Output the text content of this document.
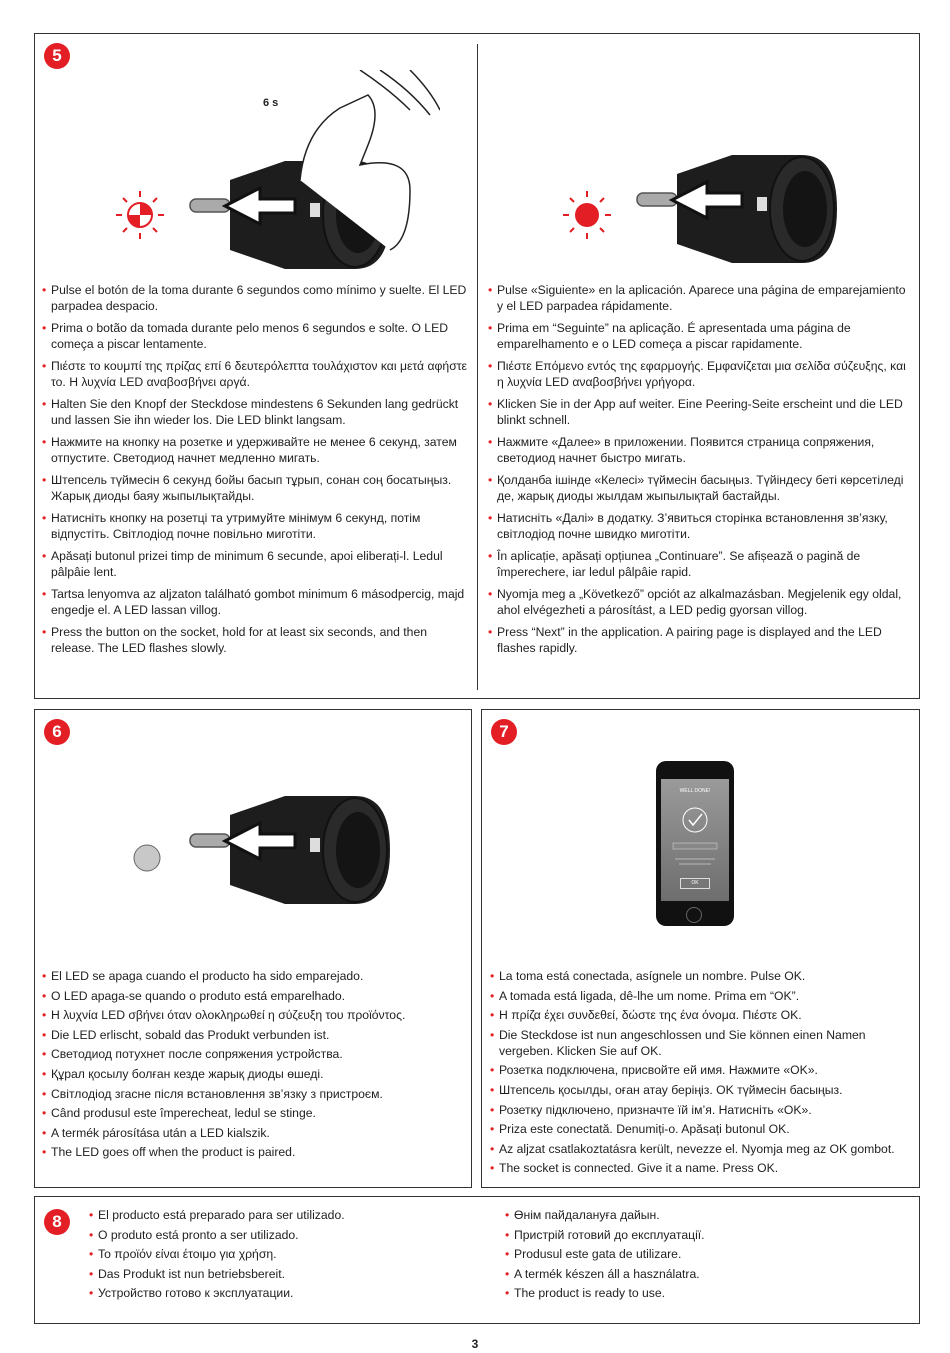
5
6 s
• Pulse el botón de la toma durante 6 segundos como mínimo y suelte. El LED parpadea despacio.
• Prima o botão da tomada durante pelo menos 6 segundos e solte. O LED começa a piscar lentamente.
• Πιέστε το κουμπί της πρίζας επί 6 δευτερόλεπτα τουλάχιστον και μετά αφήστε το. Η λυχνία LED αναβοσβήνει αργά.
• Halten Sie den Knopf der Steckdose mindestens 6 Sekunden lang gedrückt und lassen Sie ihn wieder los. Die LED blinkt langsam.
• Нажмите на кнопку на розетке и удерживайте не менее 6 секунд, затем отпустите. Светодиод начнет медленно мигать.
• Штепсель түймесін 6 секунд бойы басып тұрып, сонан соң босатыңыз. Жарық диоды баяу жыпылықтайды.
• Натисніть кнопку на розетці та утримуйте мінімум 6 секунд, потім відпустіть. Світлодіод почне повільно миготіти.
• Apăsați butonul prizei timp de minimum 6 secunde, apoi eliberați-l. Ledul pâlpâie lent.
• Tartsa lenyomva az aljzaton található gombot minimum 6 másodpercig, majd engedje el. A LED lassan villog.
• Press the button on the socket, hold for at least six seconds, and then release. The LED flashes slowly.
• Pulse «Siguiente» en la aplicación. Aparece una página de emparejamiento y el LED parpadea rápidamente.
• Prima em “Seguinte” na aplicação. É apresentada uma página de emparelhamento e o LED começa a piscar rapidamente.
• Πιέστε Επόμενο εντός της εφαρμογής. Εμφανίζεται μια σελίδα σύζευξης, και η λυχνία LED αναβοσβήνει γρήγορα.
• Klicken Sie in der App auf weiter. Eine Peering-Seite erscheint und die LED blinkt schnell.
• Нажмите «Далее» в приложении. Появится страница сопряжения, светодиод начнет быстро мигать.
• Қолданба ішінде «Келесі» түймесін басыңыз. Түйіндесу беті көрсетіледі де, жарық диоды жылдам жыпылықтай бастайды.
• Натисніть «Далі» в додатку. З’явиться сторінка встановлення зв’язку, світлодіод почне швидко миготіти.
• În aplicație, apăsați opțiunea „Continuare”. Se afișează o pagină de împerechere, iar ledul pâlpâie rapid.
• Nyomja meg a „Következő” opciót az alkalmazásban. Megjelenik egy oldal, ahol elvégezheti a párosítást, a LED pedig gyorsan villog.
• Press “Next” in the application. A pairing page is displayed and the LED flashes rapidly.
6
• El LED se apaga cuando el producto ha sido emparejado.
• O LED apaga-se quando o produto está emparelhado.
• Η λυχνία LED σβήνει όταν ολοκληρωθεί η σύζευξη του προϊόντος.
• Die LED erlischt, sobald das Produkt verbunden ist.
• Светодиод потухнет после сопряжения устройства.
• Құрал қосылу болған кезде жарық диоды өшеді.
• Світлодіод згасне після встановлення зв’язку з пристроєм.
• Când produsul este împerecheat, ledul se stinge.
• A termék párosítása után a LED kialszik.
• The LED goes off when the product is paired.
7
WELL DONE!
OK
• La toma está conectada, asígnele un nombre. Pulse OK.
• A tomada está ligada, dê-lhe um nome. Prima em “OK”.
• Η πρίζα έχει συνδεθεί, δώστε της ένα όνομα. Πιέστε OK.
• Die Steckdose ist nun angeschlossen und Sie können einen Namen vergeben. Klicken Sie auf OK.
• Розетка подключена, присвойте ей имя. Нажмите «OK».
• Штепсель қосылды, оған атау беріңіз. OK түймесін басыңыз.
• Розетку підключено, призначте їй ім’я. Натисніть «OK».
• Priza este conectată. Denumiți-o. Apăsați butonul OK.
• Az aljzat csatlakoztatásra került, nevezze el. Nyomja meg az OK gombot.
• The socket is connected. Give it a name. Press OK.
8
•	El producto está preparado para ser utilizado.
• O produto está pronto a ser utilizado.
• Το προϊόν είναι έτοιμο για χρήση.
• Das Produkt ist nun betriebsbereit.
• Устройство готово к эксплуатации.
• Өнім пайдалануға дайын.
• Пристрій готовий до експлуатації.
• Produsul este gata de utilizare.
• A termék készen áll a használatra.
• The product is ready to use.
3
